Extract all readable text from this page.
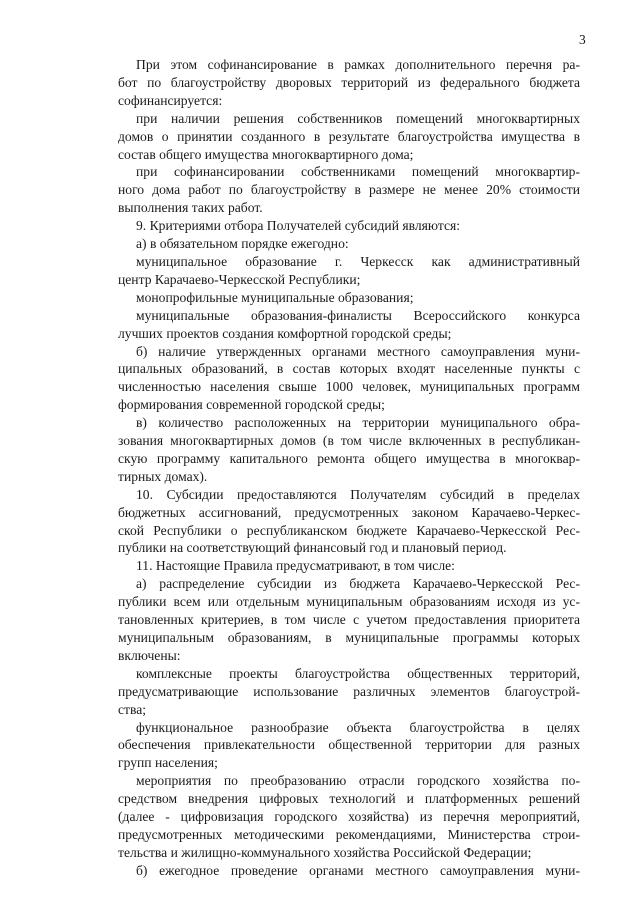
3

При этом софинансирование в рамках дополнительного перечня ра-
бот по благоустройству дворовых территорий из федерального бюджета
софинансируется:

при наличии решения собственников помещений многоквартирных
домов о принятии созданного в результате благоустройства имущества в
состав общего имущества многоквартирного дома;

при софинансировании собственниками помещений многоквартир-
ного дома работ по благоустройству в размере не менее 20% стоимости
выполнения таких работ.

9. Критериями отбора Получателей субсидий являются:

а) в обязательном порядке ежегодно:

муниципальное образование г. Черкесск как административный
центр Карачаево-Черкесской Республики;

монопрофильные муниципальные образования;

муниципальные образования-финалисты Всероссийского конкурса
лучших проектов создания комфортной городской среды;

б) наличие утвержденных органами местного самоуправления муни-
ципальных образований, в состав которых входят населенные пункты с
численностью населения свыше 1000 человек, муниципальных программ
формирования современной городской среды;

в) количество расположенных на территории муниципального обра-
зования многоквартирных домов (в том числе включенных в республикан-
скую программу капитального ремонта общего имущества в многоквар-
тирных домах).

10. Субсидии предоставляются Получателям субсидий в пределах
бюджетных ассигнований, предусмотренных законом Карачаево-Черкес-
ской Республики о республиканском бюджете Карачаево-Черкесской Рес-
публики на соответствующий финансовый год и плановый период.

11. Настоящие Правила предусматривают, в том числе:

а) распределение субсидии из бюджета Карачаево-Черкесской Рес-
публики всем или отдельным муниципальным образованиям исходя из ус-
тановленных критериев, в том числе с учетом предоставления приоритета
муниципальным образованиям, в муниципальные программы которых
включены:

комплексные проекты благоустройства общественных территорий,
предусматривающие использование различных элементов благоустрой-
ства;

функциональное разнообразие объекта благоустройства в целях
обеспечения привлекательности общественной территории для разных
групп населения;

мероприятия по преобразованию отрасли городского хозяйства по-
средством внедрения цифровых технологий и платформенных решений
(далее - цифровизация городского хозяйства) из перечня мероприятий,
предусмотренных методическими рекомендациями, Министерства строи-
тельства и жилищно-коммунального хозяйства Российской Федерации;

б) ежегодное проведение органами местного самоуправления муни-
